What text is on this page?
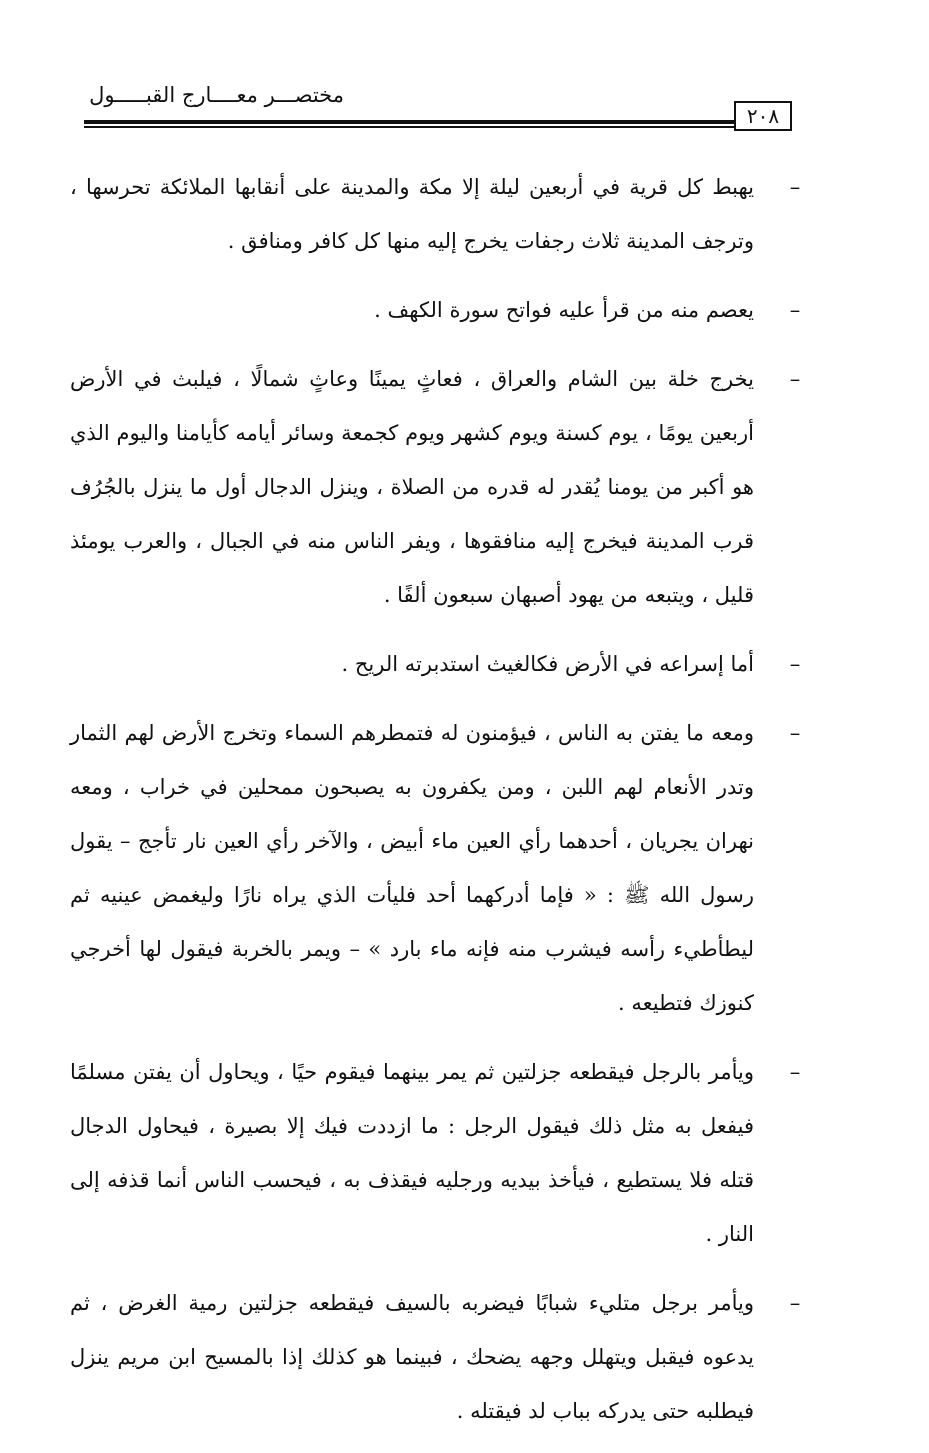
مختصـــر معــــارج القبـــــول
٢٠٨
–
يهبط كل قرية في أربعين ليلة إلا مكة والمدينة على أنقابها الملائكة تحرسها ، وترجف المدينة ثلاث رجفات يخرج إليه منها كل كافر ومنافق .
–
يعصم منه من قرأ عليه فواتح سورة الكهف .
–
يخرج خلة بين الشام والعراق ، فعاثٍ يمينًا وعاثٍ شمالًا ، فيلبث في الأرض أربعين يومًا ، يوم كسنة ويوم كشهر ويوم كجمعة وسائر أيامه كأيامنا واليوم الذي هو أكبر من يومنا يُقدر له قدره من الصلاة ، وينزل الدجال أول ما ينزل بالجُرُف قرب المدينة فيخرج إليه منافقوها ، ويفر الناس منه في الجبال ، والعرب يومئذ قليل ، ويتبعه من يهود أصبهان سبعون ألفًا .
–
أما إسراعه في الأرض فكالغيث استدبرته الريح .
–
ومعه ما يفتن به الناس ، فيؤمنون له فتمطرهم السماء وتخرج الأرض لهم الثمار وتدر الأنعام لهم اللبن ، ومن يكفرون به يصبحون ممحلين في خراب ، ومعه نهران يجريان ، أحدهما رأي العين ماء أبيض ، والآخر رأي العين نار تأجج – يقول رسول الله ﷺ : « فإما أدركهما أحد فليأت الذي يراه نارًا وليغمض عينيه ثم ليطأطيء رأسه فيشرب منه فإنه ماء بارد » – ويمر بالخربة فيقول لها أخرجي كنوزك فتطيعه .
–
ويأمر بالرجل فيقطعه جزلتين ثم يمر بينهما فيقوم حيًا ، ويحاول أن يفتن مسلمًا فيفعل به مثل ذلك فيقول الرجل : ما ازددت فيك إلا بصيرة ، فيحاول الدجال قتله فلا يستطيع ، فيأخذ بيديه ورجليه فيقذف به ، فيحسب الناس أنما قذفه إلى النار .
–
ويأمر برجل متليء شبابًا فيضربه بالسيف فيقطعه جزلتين رمية الغرض ، ثم يدعوه فيقبل ويتهلل وجهه يضحك ، فبينما هو كذلك إذا بالمسيح ابن مريم ينزل فيطلبه حتى يدركه بباب لد فيقتله .
